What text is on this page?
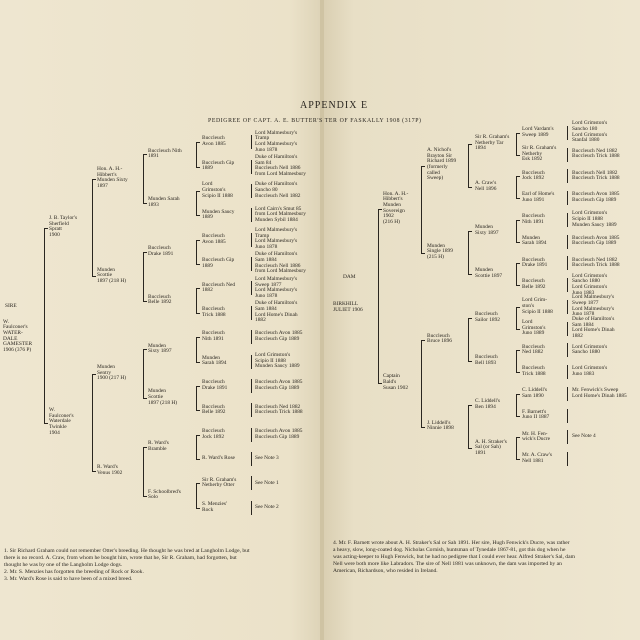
APPENDIX E
PEDIGREE OF CAPT. A. E. BUTTER'S TER OF FASKALLY 1908 (317P)
SIRE
W.
Faulconer's
WATER-
DALE
GAMESTER
1906 (376 P)
J. B. Taylor's
Sherfield
Spratt
1900
W.
Faulconer's
Waterdale
Twinkle
1904
Hon. A. H.-
Hibbert's
Munden Sixty
1897
Munden
Scottie
1897 (218 H)
Munden
Sentry
1900 (217 H)
R. Ward's
Venus 1902
Buccleuch Nith
1891
Munden Sarah
1893
Buccleuch
Drake 1891
Buccleuch
Belle 1892
Munden
Sixty 1897
Munden
Scottie
1897 (218 H)
R. Ward's
Bramble
F. Schoolbred's
Solo
Buccleuch
Avon 1885
Buccleuch Gip
1889
Lord
Grimston's
Scipio II 1888
Munden Saucy
1889
Buccleuch
Avon 1885
Buccleuch Gip
1889
Buccleuch Ned
1882
Buccleuch
Trick 1888
Buccleuch
Nith 1891
Munden
Sarah 1894
Buccleuch
Drake 1891
Buccleuch
Belle 1892
Buccleuch
Jock 1892
R. Ward's Rose
Sir R. Graham's
Netherby Otter
S. Menzies'
Rock
Lord Malmesbury's
Tramp
Lord Malmesbury's
Juno 1878
Duke of Hamilton's
Sam 84
Buccleuch Nell 1886
from Lord Malmesbury
Duke of Hamilton's
Sancho 80
Buccleuch Nell 1882
Lord Cairn's Smut 85
from Lord Malmesbury
Munden Sybil 1884
Lord Malmesbury's
Tramp
Lord Malmesbury's
Juno 1878
Duke of Hamilton's
Sam 1884
Buccleuch Nell 1886
from Lord Malmesbury
Lord Malmesbury's
Sweep 1877
Lord Malmesbury's
Juno 1878
Duke of Hamilton's
Sam 1884
Lord Home's Dinah
1882
Buccleuch Avon 1885
Buccleuch Gip 1889
Lord Grimston's
Scipio II 1888
Munden Saucy 1889
Buccleuch Avon 1885
Buccleuch Gip 1889
Buccleuch Ned 1882
Buccleuch Trick 1888
Buccleuch Avon 1885
Buccleuch Gip 1889
See Note 3
See Note 1
See Note 2
DAM
BIRKHILL
JULIET 1906
Hon. A. H.-
Hibbert's
Munden
Sovereign
1902
(216 H)
Captain
Bald's
Susan 1902
A. Nichol's
Brayton Sir
Richard 1899
(formerly
called
Sweep)
Munden
Single 1899
(215 H)
Buccleuch
Bruce 1896
J. Liddell's
Ninnie 1898
Sir R. Graham's
Netherby Tar
1894
A. Craw's
Nell 1896
Munden
Sixty 1897
Munden
Scottie 1897
Buccleuch
Sailor 1892
Buccleuch
Bell 1893
C. Liddell's
Ben 1894
A. H. Straker's
Sal (or Sah)
1891
Lord Vardam's
Sweep 1889
Sir R. Graham's
Netherby
Esk 1892
Buccleuch
Jock 1892
Earl of Home's
Juno 1891
Buccleuch
Nith 1891
Munden
Sarah 1894
Buccleuch
Drake 1891
Buccleuch
Belle 1892
Lord Grim-
ston's
Scipio II 1888
Lord
Grimston's
Juno 1889
Buccleuch
Ned 1882
Buccleuch
Trick 1888
C. Liddell's
Sam 1890
F. Barnett's
Juno II 1887
Mr. H. Fen-
wick's Ducre
Mr. A. Craw's
Nell 1881
Lord Grimston's
Sancho 180
Lord Grimston's
Stanfal 1880
Buccleuch Ned 1882
Buccleuch Trick 1888
Buccleuch Nell 1882
Buccleuch Trick 1888
Buccleuch Avon 1885
Buccleuch Gip 1889
Lord Grimston's
Scipio II 1888
Munden Saucy 1889
Buccleuch Avon 1885
Buccleuch Gip 1889
Buccleuch Ned 1882
Buccleuch Trick 1888
Lord Grimston's
Sancho 1880
Lord Grimston's
Juno 1883
Lord Malmesbury's
Sweep 1877
Lord Malmesbury's
Juno 1878
Duke of Hamilton's
Sam 1884
Lord Home's Dinah
1882
Lord Grimston's
Sancho 1880
Lord Grimston's
Juno 1883
Mr. Fenwick's Sweep
Lord Home's Dinah 1885
See Note 4
1. Sir Richard Graham could not remember Otter's breeding. He thought he was bred at Langholm Lodge, but
there is no record. A. Craw, from whom he bought him, wrote that he, Sir R. Graham, had forgotten, but
thought he was by one of the Langholm Lodge dogs.
2. Mr. S. Menzies has forgotten the breeding of Rock or Rook.
3. Mr. Ward's Rose is said to have been of a mixed breed.
4. Mr. F. Barnett wrote about A. H. Straker's Sal or Sah 1891. Her sire, Hugh Fenwick's Ducre, was rather
a heavy, slow, long-coated dog. Nicholas Cornish, huntsman of Tynedale 1867-81, got this dog when he
was acting-keeper to Hugh Fenwick, but he had no pedigree that I could ever hear. Alfred Straker's Sal, dam
Nell were both more like Labradors. The sire of Nell 1881 was unknown, the dam was imported by an
American, Richardson, who resided in Ireland.
